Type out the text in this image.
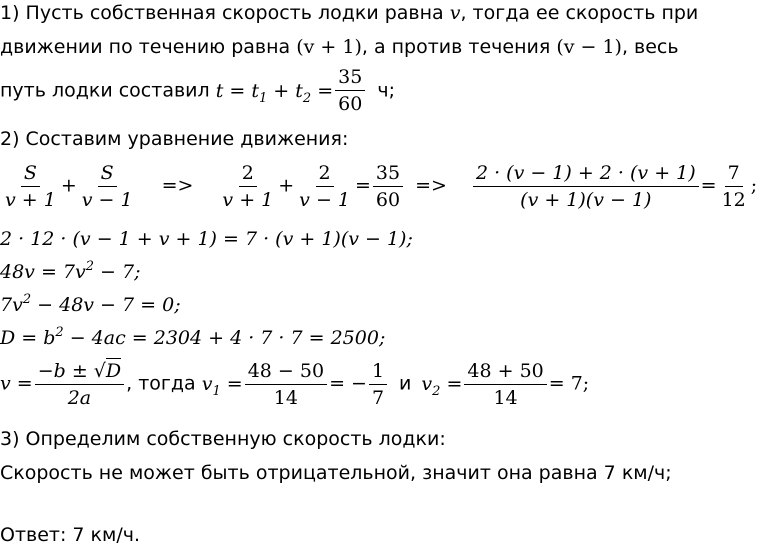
1) Пусть собственная скорость лодки равна v, тогда ее скорость при
движении по течению равна (v + 1), а против течения (v − 1), весь
путь лодки составил $t = t_1 + t_2 = \frac{35}{60} ч$;
2) Составим уравнение движения:
$\frac{S}{v + 1} + \frac{S}{v - 1} => \frac{2}{v + 1} + \frac{2}{v - 1} = \frac{35}{60} => \frac{2 \cdot (v - 1) + 2 \cdot (v + 1)}{(v + 1)(v - 1)} = \frac{7}{12}$ ;
2 · 12 · (v − 1 + v + 1) = 7 · (v + 1)(v − 1);
$48v = 7v^2 - 7$;
$7v^2 - 48v - 7 = 0$;
$D = b^2 - 4ac = 2304 + 4 \cdot 7 \cdot 7 = 2500$;
$v = \frac{-b \pm √D}{2a}$ , тогда $v_1 = \frac{48 - 50}{14}$ = − $\frac{1}{7}$ и $v_2 = \frac{48 + 50}{14} = 7$;
3) Определим собственную скорость лодки:
Скорость не может быть отрицательной, значит она равна 7 км/ч;
Ответ: 7 км/ч.
